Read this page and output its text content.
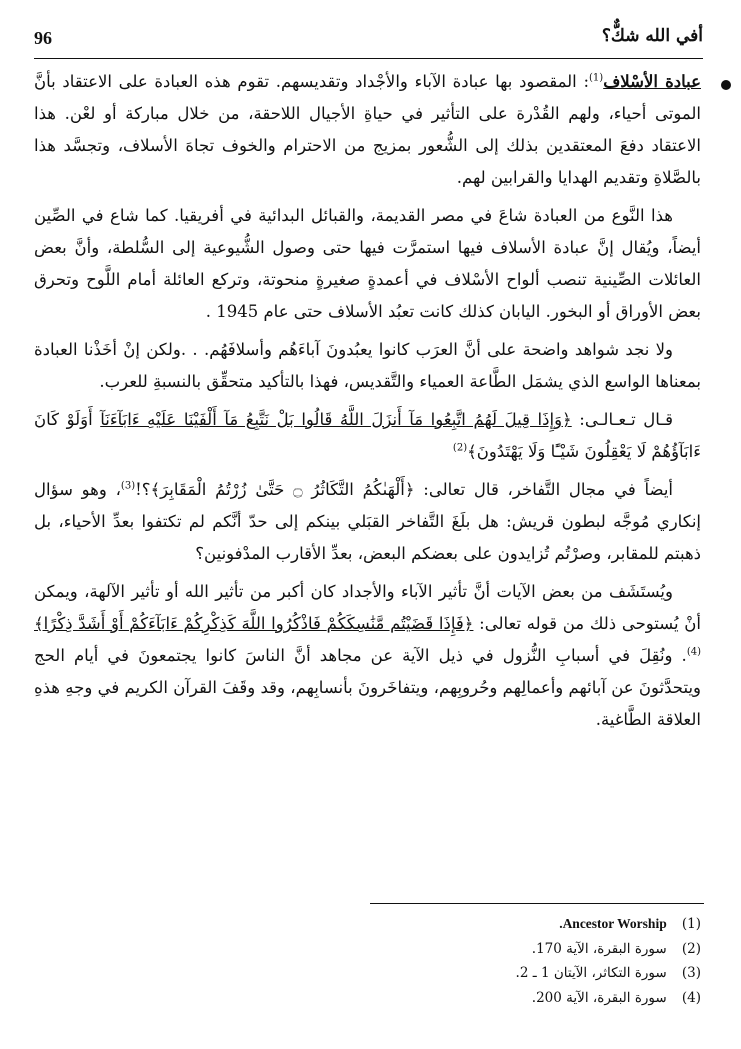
96	أفي الله شكٌّ؟

عبادة الأسْلاف$^{(1)}$: المقصود بها عبادة الآباء والأجْداد وتقديسهم. تقوم هذه العبادة على الاعتقاد بأنَّ الموتى أحياء، ولهم القُدْرة على التأثير في حياةِ الأجيال اللاحقة، من خلال مباركة أو لعْن. هذا الاعتقاد دفعَ المعتقدين بذلك إلى الشُّعور بمزيج من الاحترام والخوف تجاهَ الأسلاف، وتجسَّد هذا بالصَّلاةِ وتقديم الهدايا والقرابين لهم.

هذا النَّوع من العبادة شاعَ في مصر القديمة، والقبائل البدائية في أفريقيا. كما شاع في الصِّين أيضاً، ويُقال إنَّ عبادة الأسلاف فيها استمرَّت فيها حتى وصول الشُّيوعية إلى السُّلطة، وأنَّ بعض العائلات الصِّينية تنصب ألواح الأسْلاف في أعمدةٍ صغيرةٍ منحوتة، وتركع العائلة أمام اللَّوح وتحرق بعض الأوراق أو البخور. اليابان كذلك كانت تعبُد الأسلاف حتى عام 1945 .

ولا نجد شواهد واضحة على أنَّ العرَب كانوا يعبُدونَ آباءَهُم وأسلافَهُم. . .ولكن إنْ أخَذْنا العبادة بمعناها الواسع الذي يشمَل الطَّاعة العمياء والتَّقديس، فهذا بالتأكيد متحقِّق بالنسبةِ للعرب.

قـال تـعـالـى: ﴿وَإِذَا قِيلَ لَهُمُ اتَّبِعُوا مَآ أَنزَلَ اللَّهُ قَالُوا بَلْ نَتَّبِعُ مَآ أَلْفَيْنَا عَلَيْهِ ءَابَآءَنَآ أَوَلَوْ كَانَ ءَابَآؤُهُمْ لَا يَعْقِلُونَ شَيْـًٔا وَلَا يَهْتَدُونَ﴾$^{(2)}$

أيضاً في مجال التَّفاخر، قال تعالى: ﴿أَلْهَىٰكُمُ التَّكَاثُرُ ۝ حَتَّىٰ زُرْتُمُ الْمَقَابِرَ﴾؟!$^{(3)}$، وهو سؤال إنكاري مُوجَّه لبطون قريش: هل بلَغَ التَّفاخر القبَلي بينكم إلى حدّ أنَّكم لم تكتفوا بعدِّ الأحياء، بل ذهبتم للمقابر، وصرْتُم تُزايدون على بعضكم البعض، بعدِّ الأقارب المدْفونين؟

ويُستَشَف من بعض الآيات أنَّ تأثير الآباء والأجداد كان أكبر من تأثير الله أو تأثير الآلهة، ويمكن أنْ يُستوحى ذلك من قوله تعالى: ﴿فَإِذَا قَضَيْتُم مَّنَٰسِكَكُمْ فَاذْكُرُوا اللَّهَ كَذِكْرِكُمْ ءَابَآءَكُمْ أَوْ أَشَدَّ ذِكْرًا﴾$^{(4)}$. ونُقِلَ في أسبابِ النُّزول في ذيل الآية عن مجاهد أنَّ الناسَ كانوا يجتمعونَ في أيام الحج ويتحدَّثونَ عن آبائهم وأعمالِهم وحُروبِهم، ويتفاخَرونَ بأنسابِهم، وقد وقَفَ القرآن الكريم في وجهِ هذهِ العلاقة الطَّاغية.

(1) Ancestor Worship.
(2) سورة البقرة، الآية 170.
(3) سورة التكاثر، الآيتان 1 ـ 2.
(4) سورة البقرة، الآية 200.
